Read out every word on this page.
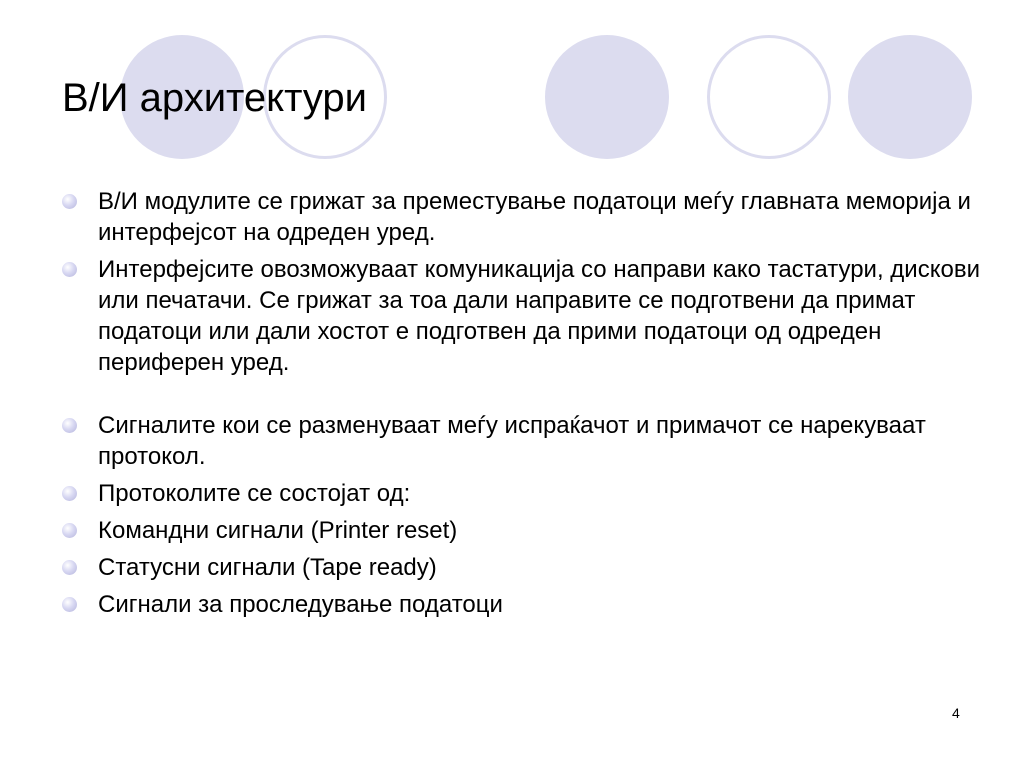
В/И архитектури
В/И модулите се грижат за преместување податоци меѓу главната меморија и интерфејсот на одреден уред.
Интерфејсите овозможуваат комуникација со направи како тастатури, дискови или печатачи. Се грижат за тоа дали направите се подготвени да примат податоци или дали хостот е подготвен да прими податоци од одреден периферен уред.
Сигналите кои се разменуваат меѓу испраќачот и примачот се нарекуваат протокол.
Протоколите се состојат од:
Командни сигнали (Printer reset)
Статусни сигнали (Tape ready)
Сигнали за проследување податоци
4
